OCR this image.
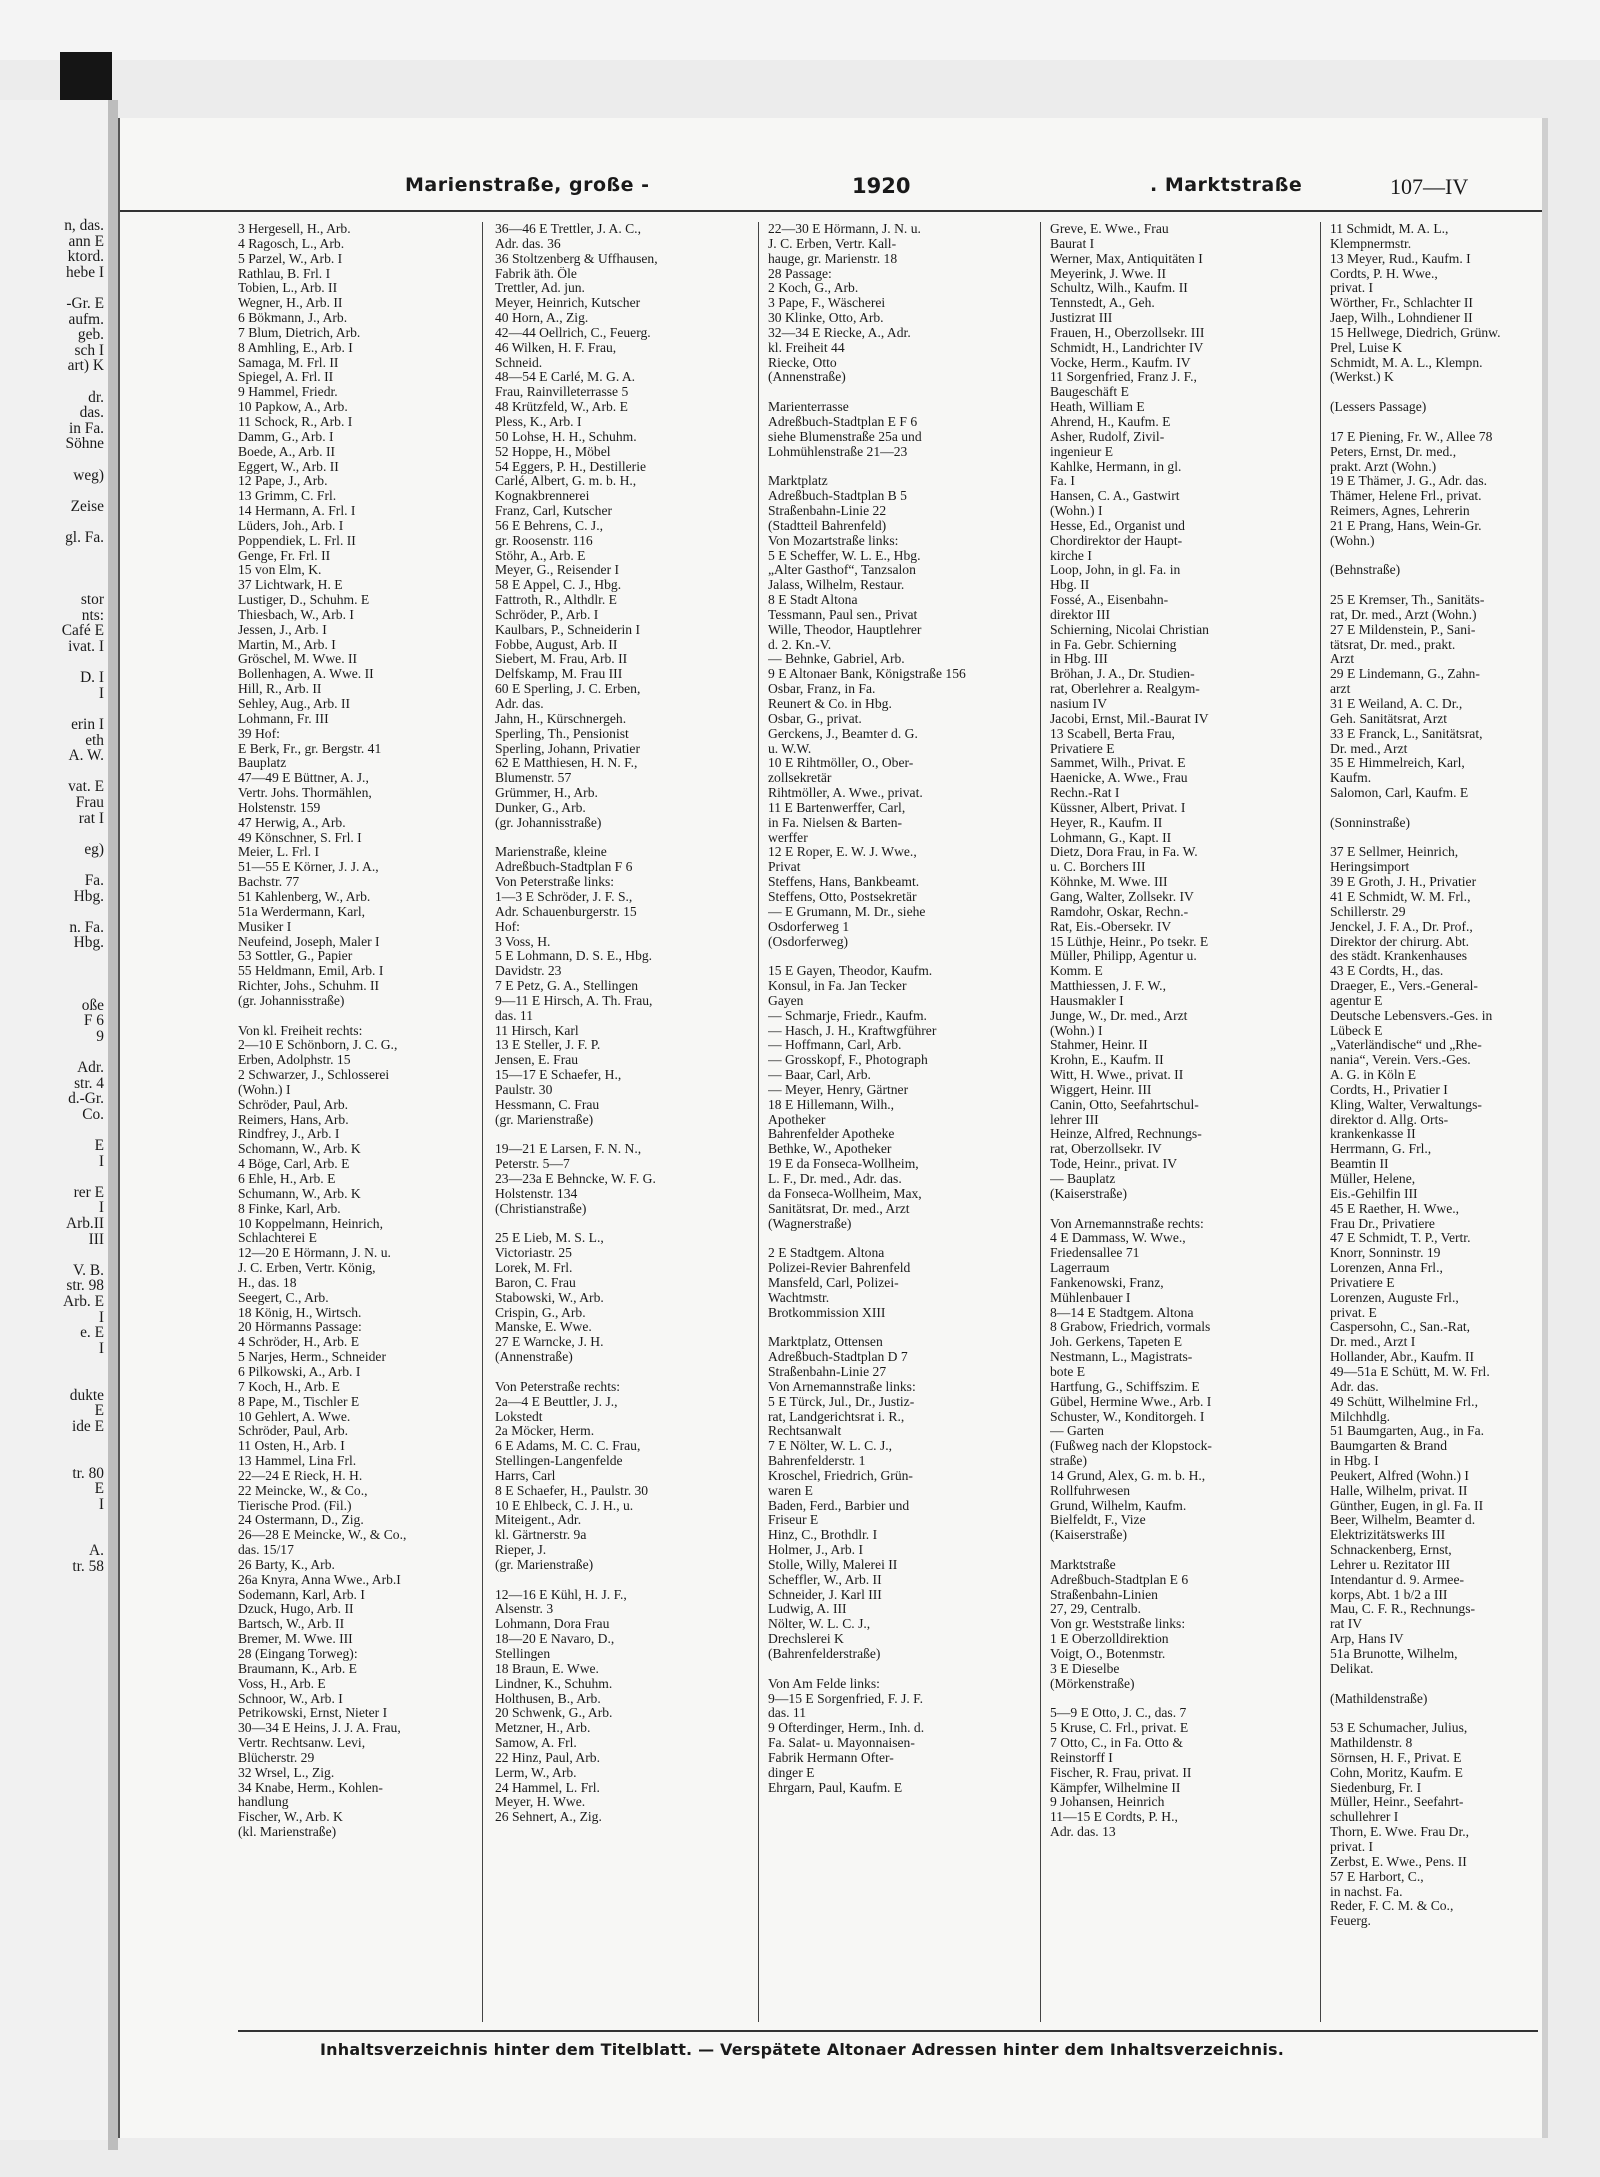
n, das.
ann E
ktord.
hebe I

-Gr. E
aufm.
geb.
sch I
art) K

dr.
das.
in Fa.
Söhne

weg)

Zeise

gl. Fa.

stor
nts:
Café E
ivat. I

D. I
I

erin I
eth
A. W.

vat. E
Frau
rat I

eg)

Fa.
Hbg.

n. Fa.
Hbg.

oße
F 6
9

Adr.
str. 4
d.-Gr.
Co.

E
I

rer E
I
Arb.II
III

V. B.
str. 98
Arb. E
I
e. E
I

dukte
E
ide E

tr. 80
E
I

A.
tr. 58
Marienstraße, große -	1920	. Marktstraße	107—IV
3 Hergesell, H., Arb.
4 Ragosch, L., Arb.
5 Parzel, W., Arb. I
Rathlau, B. Frl. I
Tobien, L., Arb. II
Wegner, H., Arb. II
6 Bökmann, J., Arb.
7 Blum, Dietrich, Arb.
8 Amhling, E., Arb. I
Samaga, M. Frl. II
Spiegel, A. Frl. II
9 Hammel, Friedr.
10 Papkow, A., Arb.
11 Schock, R., Arb. I
Damm, G., Arb. I
Boede, A., Arb. II
Eggert, W., Arb. II
12 Pape, J., Arb.
13 Grimm, C. Frl.
14 Hermann, A. Frl. I
Lüders, Joh., Arb. I
Poppendiek, L. Frl. II
Genge, Fr. Frl. II
15 von Elm, K.
37 Lichtwark, H. E
Lustiger, D., Schuhm. E
Thiesbach, W., Arb. I
Jessen, J., Arb. I
Martin, M., Arb. I
Gröschel, M. Wwe. II
Bollenhagen, A. Wwe. II
Hill, R., Arb. II
Sehley, Aug., Arb. II
Lohmann, Fr. III
39 Hof:
E Berk, Fr., gr. Bergstr. 41
Bauplatz
47—49 E Büttner, A. J.,
Vertr. Johs. Thormählen,
Holstenstr. 159
47 Herwig, A., Arb.
49 Könschner, S. Frl. I
Meier, L. Frl. I
51—55 E Körner, J. J. A.,
Bachstr. 77
51 Kahlenberg, W., Arb.
51a Werdermann, Karl,
Musiker I
Neufeind, Joseph, Maler I
53 Sottler, G., Papier
55 Heldmann, Emil, Arb. I
Richter, Johs., Schuhm. II
(gr. Johannisstraße)

Von kl. Freiheit rechts:
2—10 E Schönborn, J. C. G.,
Erben, Adolphstr. 15
2 Schwarzer, J., Schlosserei
(Wohn.) I
Schröder, Paul, Arb.
Reimers, Hans, Arb.
Rindfrey, J., Arb. I
Schomann, W., Arb. K
4 Böge, Carl, Arb. E
6 Ehle, H., Arb. E
Schumann, W., Arb. K
8 Finke, Karl, Arb.
10 Koppelmann, Heinrich,
Schlachterei E
12—20 E Hörmann, J. N. u.
J. C. Erben, Vertr. König,
H., das. 18
Seegert, C., Arb.
18 König, H., Wirtsch.
20 Hörmanns Passage:
4 Schröder, H., Arb. E
5 Narjes, Herm., Schneider
6 Pilkowski, A., Arb. I
7 Koch, H., Arb. E
8 Pape, M., Tischler E
10 Gehlert, A. Wwe.
Schröder, Paul, Arb.
11 Osten, H., Arb. I
13 Hammel, Lina Frl.
22—24 E Rieck, H. H.
22 Meincke, W., & Co.,
Tierische Prod. (Fil.)
24 Ostermann, D., Zig.
26—28 E Meincke, W., & Co.,
das. 15/17
26 Barty, K., Arb.
26a Knyra, Anna Wwe., Arb.I
Sodemann, Karl, Arb. I
Dzuck, Hugo, Arb. II
Bartsch, W., Arb. II
Bremer, M. Wwe. III
28 (Eingang Torweg):
Braumann, K., Arb. E
Voss, H., Arb. E
Schnoor, W., Arb. I
Petrikowski, Ernst, Nieter I
30—34 E Heins, J. J. A. Frau,
Vertr. Rechtsanw. Levi,
Blücherstr. 29
32 Wrsel, L., Zig.
34 Knabe, Herm., Kohlen-
handlung
Fischer, W., Arb. K
(kl. Marienstraße)
36—46 E Trettler, J. A. C.,
Adr. das. 36
36 Stoltzenberg & Uffhausen,
Fabrik äth. Öle
Trettler, Ad. jun.
Meyer, Heinrich, Kutscher
40 Horn, A., Zig.
42—44 Oellrich, C., Feuerg.
46 Wilken, H. F. Frau,
Schneid.
48—54 E Carlé, M. G. A.
Frau, Rainvilleterrasse 5
48 Krützfeld, W., Arb. E
Pless, K., Arb. I
50 Lohse, H. H., Schuhm.
52 Hoppe, H., Möbel
54 Eggers, P. H., Destillerie
Carlé, Albert, G. m. b. H.,
Kognakbrennerei
Franz, Carl, Kutscher
56 E Behrens, C. J.,
gr. Roosenstr. 116
Stöhr, A., Arb. E
Meyer, G., Reisender I
58 E Appel, C. J., Hbg.
Fattroth, R., Althdlr. E
Schröder, P., Arb. I
Kaulbars, P., Schneiderin I
Fobbe, August, Arb. II
Siebert, M. Frau, Arb. II
Delfskamp, M. Frau III
60 E Sperling, J. C. Erben,
Adr. das.
Jahn, H., Kürschnergeh.
Sperling, Th., Pensionist
Sperling, Johann, Privatier
62 E Matthiesen, H. N. F.,
Blumenstr. 57
Grümmer, H., Arb.
Dunker, G., Arb.
(gr. Johannisstraße)

Marienstraße, kleine
Adreßbuch-Stadtplan F 6
Von Peterstraße links:
1—3 E Schröder, J. F. S.,
Adr. Schauenburgerstr. 15
Hof:
3 Voss, H.
5 E Lohmann, D. S. E., Hbg.
Davidstr. 23
7 E Petz, G. A., Stellingen
9—11 E Hirsch, A. Th. Frau,
das. 11
11 Hirsch, Karl
13 E Steller, J. F. P.
Jensen, E. Frau
15—17 E Schaefer, H.,
Paulstr. 30
Hessmann, C. Frau
(gr. Marienstraße)

19—21 E Larsen, F. N. N.,
Peterstr. 5—7
23—23a E Behncke, W. F. G.
Holstenstr. 134
(Christianstraße)

25 E Lieb, M. S. L.,
Victoriastr. 25
Lorek, M. Frl.
Baron, C. Frau
Stabowski, W., Arb.
Crispin, G., Arb.
Manske, E. Wwe.
27 E Warncke, J. H.
(Annenstraße)

Von Peterstraße rechts:
2a—4 E Beuttler, J. J.,
Lokstedt
2a Möcker, Herm.
6 E Adams, M. C. C. Frau,
Stellingen-Langenfelde
Harrs, Carl
8 E Schaefer, H., Paulstr. 30
10 E Ehlbeck, C. J. H., u.
Miteigent., Adr.
kl. Gärtnerstr. 9a
Rieper, J.
(gr. Marienstraße)

12—16 E Kühl, H. J. F.,
Alsenstr. 3
Lohmann, Dora Frau
18—20 E Navaro, D.,
Stellingen
18 Braun, E. Wwe.
Lindner, K., Schuhm.
Holthusen, B., Arb.
20 Schwenk, G., Arb.
Metzner, H., Arb.
Samow, A. Frl.
22 Hinz, Paul, Arb.
Lerm, W., Arb.
24 Hammel, L. Frl.
Meyer, H. Wwe.
26 Sehnert, A., Zig.
22—30 E Hörmann, J. N. u.
J. C. Erben, Vertr. Kall-
hauge, gr. Marienstr. 18
28 Passage:
2 Koch, G., Arb.
3 Pape, F., Wäscherei
30 Klinke, Otto, Arb.
32—34 E Riecke, A., Adr.
kl. Freiheit 44
Riecke, Otto
(Annenstraße)

Marienterrasse
Adreßbuch-Stadtplan E F 6
siehe Blumenstraße 25a und
Lohmühlenstraße 21—23

Marktplatz
Adreßbuch-Stadtplan B 5
Straßenbahn-Linie 22
(Stadtteil Bahrenfeld)
Von Mozartstraße links:
5 E Scheffer, W. L. E., Hbg.
„Alter Gasthof“, Tanzsalon
Jalass, Wilhelm, Restaur.
8 E Stadt Altona
Tessmann, Paul sen., Privat
Wille, Theodor, Hauptlehrer
d. 2. Kn.-V.
— Behnke, Gabriel, Arb.
9 E Altonaer Bank, Königstraße 156
Osbar, Franz, in Fa.
Reunert & Co. in Hbg.
Osbar, G., privat.
Gerckens, J., Beamter d. G.
u. W.W.
10 E Rihtmöller, O., Ober-
zollsekretär
Rihtmöller, A. Wwe., privat.
11 E Bartenwerffer, Carl,
in Fa. Nielsen & Barten-
werffer
12 E Roper, E. W. J. Wwe.,
Privat
Steffens, Hans, Bankbeamt.
Steffens, Otto, Postsekretär
— E Grumann, M. Dr., siehe
Osdorferweg 1
(Osdorferweg)

15 E Gayen, Theodor, Kaufm.
Konsul, in Fa. Jan Tecker
Gayen
— Schmarje, Friedr., Kaufm.
— Hasch, J. H., Kraftwgführer
— Hoffmann, Carl, Arb.
— Grosskopf, F., Photograph
— Baar, Carl, Arb.
— Meyer, Henry, Gärtner
18 E Hillemann, Wilh.,
Apotheker
Bahrenfelder Apotheke
Bethke, W., Apotheker
19 E da Fonseca-Wollheim,
L. F., Dr. med., Adr. das.
da Fonseca-Wollheim, Max,
Sanitätsrat, Dr. med., Arzt
(Wagnerstraße)

2 E Stadtgem. Altona
Polizei-Revier Bahrenfeld
Mansfeld, Carl, Polizei-
Wachtmstr.
Brotkommission XIII

Marktplatz, Ottensen
Adreßbuch-Stadtplan D 7
Straßenbahn-Linie 27
Von Arnemannstraße links:
5 E Türck, Jul., Dr., Justiz-
rat, Landgerichtsrat i. R.,
Rechtsanwalt
7 E Nölter, W. L. C. J.,
Bahrenfelderstr. 1
Kroschel, Friedrich, Grün-
waren E
Baden, Ferd., Barbier und
Friseur E
Hinz, C., Brothdlr. I
Holmer, J., Arb. I
Stolle, Willy, Malerei II
Scheffler, W., Arb. II
Schneider, J. Karl III
Ludwig, A. III
Nölter, W. L. C. J.,
Drechslerei K
(Bahrenfelderstraße)

Von Am Felde links:
9—15 E Sorgenfried, F. J. F.
das. 11
9 Ofterdinger, Herm., Inh. d.
Fa. Salat- u. Mayonnaisen-
Fabrik Hermann Ofter-
dinger E
Ehrgarn, Paul, Kaufm. E
Greve, E. Wwe., Frau
Baurat I
Werner, Max, Antiquitäten I
Meyerink, J. Wwe. II
Schultz, Wilh., Kaufm. II
Tennstedt, A., Geh.
Justizrat III
Frauen, H., Oberzollsekr. III
Schmidt, H., Landrichter IV
Vocke, Herm., Kaufm. IV
11 Sorgenfried, Franz J. F.,
Baugeschäft E
Heath, William E
Ahrend, H., Kaufm. E
Asher, Rudolf, Zivil-
ingenieur E
Kahlke, Hermann, in gl.
Fa. I
Hansen, C. A., Gastwirt
(Wohn.) I
Hesse, Ed., Organist und
Chordirektor der Haupt-
kirche I
Loop, John, in gl. Fa. in
Hbg. II
Fossé, A., Eisenbahn-
direktor III
Schierning, Nicolai Christian
in Fa. Gebr. Schierning
in Hbg. III
Bröhan, J. A., Dr. Studien-
rat, Oberlehrer a. Realgym-
nasium IV
Jacobi, Ernst, Mil.-Baurat IV
13 Scabell, Berta Frau,
Privatiere E
Sammet, Wilh., Privat. E
Haenicke, A. Wwe., Frau
Rechn.-Rat I
Küssner, Albert, Privat. I
Heyer, R., Kaufm. II
Lohmann, G., Kapt. II
Dietz, Dora Frau, in Fa. W.
u. C. Borchers III
Köhnke, M. Wwe. III
Gang, Walter, Zollsekr. IV
Ramdohr, Oskar, Rechn.-
Rat, Eis.-Obersekr. IV
15 Lüthje, Heinr., Po tsekr. E
Müller, Philipp, Agentur u.
Komm. E
Matthiessen, J. F. W.,
Hausmakler I
Junge, W., Dr. med., Arzt
(Wohn.) I
Stahmer, Heinr. II
Krohn, E., Kaufm. II
Witt, H. Wwe., privat. II
Wiggert, Heinr. III
Canin, Otto, Seefahrtschul-
lehrer III
Heinze, Alfred, Rechnungs-
rat, Oberzollsekr. IV
Tode, Heinr., privat. IV
— Bauplatz
(Kaiserstraße)

Von Arnemannstraße rechts:
4 E Dammass, W. Wwe.,
Friedensallee 71
Lagerraum
Fankenowski, Franz,
Mühlenbauer I
8—14 E Stadtgem. Altona
8 Grabow, Friedrich, vormals
Joh. Gerkens, Tapeten E
Nestmann, L., Magistrats-
bote E
Hartfung, G., Schiffszim. E
Gübel, Hermine Wwe., Arb. I
Schuster, W., Konditorgeh. I
— Garten
(Fußweg nach der Klopstock-
straße)
14 Grund, Alex, G. m. b. H.,
Rollfuhrwesen
Grund, Wilhelm, Kaufm.
Bielfeldt, F., Vize
(Kaiserstraße)

Marktstraße
Adreßbuch-Stadtplan E 6
Straßenbahn-Linien
27, 29, Centralb.
Von gr. Weststraße links:
1 E Oberzolldirektion
Voigt, O., Botenmstr.
3 E Dieselbe
(Mörkenstraße)

5—9 E Otto, J. C., das. 7
5 Kruse, C. Frl., privat. E
7 Otto, C., in Fa. Otto &
Reinstorff I
Fischer, R. Frau, privat. II
Kämpfer, Wilhelmine II
9 Johansen, Heinrich
11—15 E Cordts, P. H.,
Adr. das. 13
11 Schmidt, M. A. L.,
Klempnermstr.
13 Meyer, Rud., Kaufm. I
Cordts, P. H. Wwe.,
privat. I
Wörther, Fr., Schlachter II
Jaep, Wilh., Lohndiener II
15 Hellwege, Diedrich, Grünw.
Prel, Luise K
Schmidt, M. A. L., Klempn.
(Werkst.) K

(Lessers Passage)

17 E Piening, Fr. W., Allee 78
Peters, Ernst, Dr. med.,
prakt. Arzt (Wohn.)
19 E Thämer, J. G., Adr. das.
Thämer, Helene Frl., privat.
Reimers, Agnes, Lehrerin
21 E Prang, Hans, Wein-Gr.
(Wohn.)

(Behnstraße)

25 E Kremser, Th., Sanitäts-
rat, Dr. med., Arzt (Wohn.)
27 E Mildenstein, P., Sani-
tätsrat, Dr. med., prakt.
Arzt
29 E Lindemann, G., Zahn-
arzt
31 E Weiland, A. C. Dr.,
Geh. Sanitätsrat, Arzt
33 E Franck, L., Sanitätsrat,
Dr. med., Arzt
35 E Himmelreich, Karl,
Kaufm.
Salomon, Carl, Kaufm. E

(Sonninstraße)

37 E Sellmer, Heinrich,
Heringsimport
39 E Groth, J. H., Privatier
41 E Schmidt, W. M. Frl.,
Schillerstr. 29
Jenckel, J. F. A., Dr. Prof.,
Direktor der chirurg. Abt.
des städt. Krankenhauses
43 E Cordts, H., das.
Draeger, E., Vers.-General-
agentur E
Deutsche Lebensvers.-Ges. in
Lübeck E
„Vaterländische“ und „Rhe-
nania“, Verein. Vers.-Ges.
A. G. in Köln E
Cordts, H., Privatier I
Kling, Walter, Verwaltungs-
direktor d. Allg. Orts-
krankenkasse II
Herrmann, G. Frl.,
Beamtin II
Müller, Helene,
Eis.-Gehilfin III
45 E Raether, H. Wwe.,
Frau Dr., Privatiere
47 E Schmidt, T. P., Vertr.
Knorr, Sonninstr. 19
Lorenzen, Anna Frl.,
Privatiere E
Lorenzen, Auguste Frl.,
privat. E
Caspersohn, C., San.-Rat,
Dr. med., Arzt I
Hollander, Abr., Kaufm. II
49—51a E Schütt, M. W. Frl.
Adr. das.
49 Schütt, Wilhelmine Frl.,
Milchhdlg.
51 Baumgarten, Aug., in Fa.
Baumgarten & Brand
in Hbg. I
Peukert, Alfred (Wohn.) I
Halle, Wilhelm, privat. II
Günther, Eugen, in gl. Fa. II
Beer, Wilhelm, Beamter d.
Elektrizitätswerks III
Schnackenberg, Ernst,
Lehrer u. Rezitator III
Intendantur d. 9. Armee-
korps, Abt. 1 b/2 a III
Mau, C. F. R., Rechnungs-
rat IV
Arp, Hans IV
51a Brunotte, Wilhelm,
Delikat.

(Mathildenstraße)

53 E Schumacher, Julius,
Mathildenstr. 8
Sörnsen, H. F., Privat. E
Cohn, Moritz, Kaufm. E
Siedenburg, Fr. I
Müller, Heinr., Seefahrt-
schullehrer I
Thorn, E. Wwe. Frau Dr.,
privat. I
Zerbst, E. Wwe., Pens. II
57 E Harbort, C.,
in nachst. Fa.
Reder, F. C. M. & Co.,
Feuerg.
Inhaltsverzeichnis hinter dem Titelblatt. — Verspätete Altonaer Adressen hinter dem Inhaltsverzeichnis.
